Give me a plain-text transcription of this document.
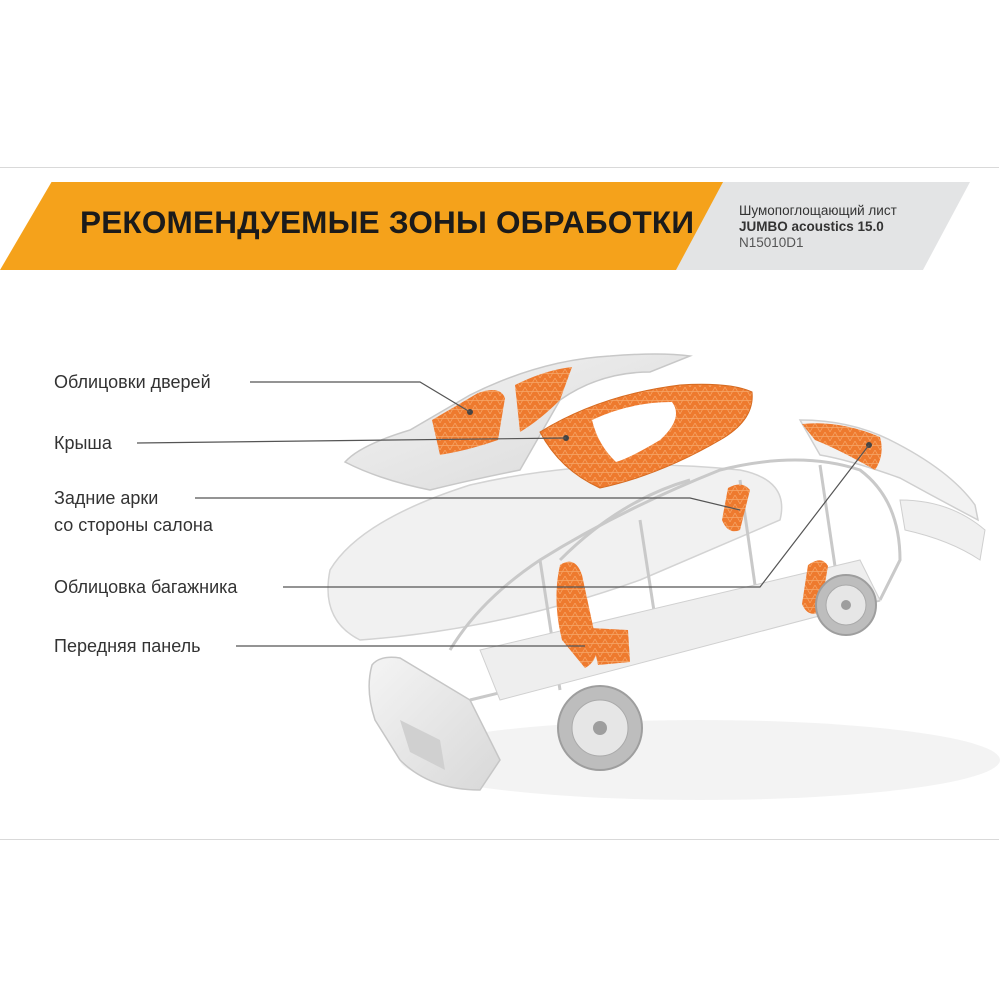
РЕКОМЕНДУЕМЫЕ ЗОНЫ ОБРАБОТКИ	Шумопоглощающий лист
JUMBO acoustics 15.0
N15010D1
Облицовки дверей
Крыша
Задние арки
со стороны салона
Облицовка багажника
Передняя панель
